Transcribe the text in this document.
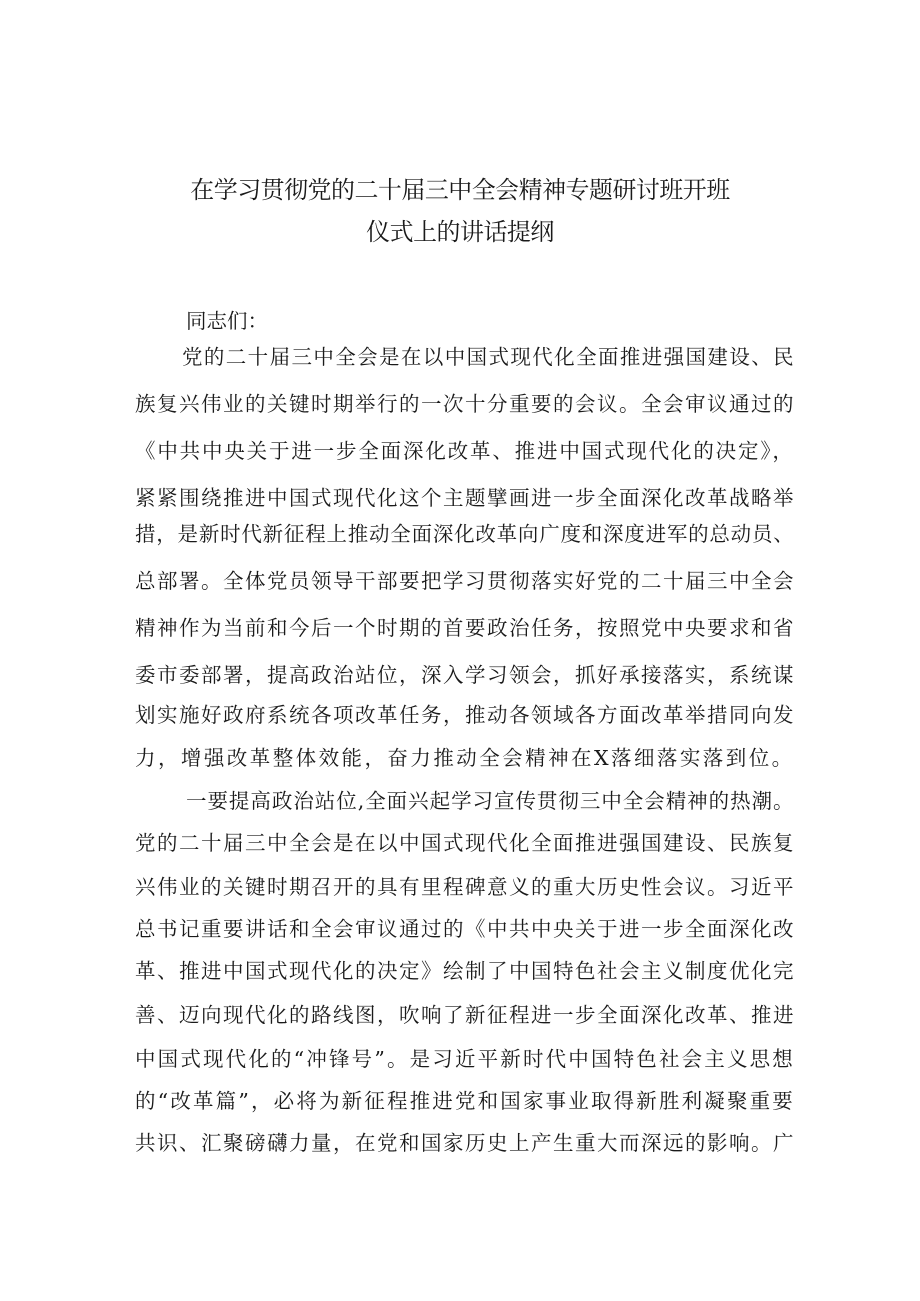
在学习贯彻党的二十届三中全会精神专题研讨班开班
仪式上的讲话提纲
同志们：
党的二十届三中全会是在以中国式现代化全面推进强国建设、民
族复兴伟业的关键时期举行的一次十分重要的会议。全会审议通过的
《中共中央关于进一步全面深化改革、推进中国式现代化的决定》，
紧紧围绕推进中国式现代化这个主题擘画进一步全面深化改革战略举
措，是新时代新征程上推动全面深化改革向广度和深度进军的总动员、
总部署。全体党员领导干部要把学习贯彻落实好党的二十届三中全会
精神作为当前和今后一个时期的首要政治任务，按照党中央要求和省
委市委部署，提高政治站位，深入学习领会，抓好承接落实，系统谋
划实施好政府系统各项改革任务，推动各领域各方面改革举措同向发
力，增强改革整体效能，奋力推动全会精神在X落细落实落到位。
一要提高政治站位,全面兴起学习宣传贯彻三中全会精神的热潮。
党的二十届三中全会是在以中国式现代化全面推进强国建设、民族复
兴伟业的关键时期召开的具有里程碑意义的重大历史性会议。习近平
总书记重要讲话和全会审议通过的《中共中央关于进一步全面深化改
革、推进中国式现代化的决定》绘制了中国特色社会主义制度优化完
善、迈向现代化的路线图，吹响了新征程进一步全面深化改革、推进
中国式现代化的“冲锋号”。是习近平新时代中国特色社会主义思想
的“改革篇”，必将为新征程推进党和国家事业取得新胜利凝聚重要
共识、汇聚磅礴力量，在党和国家历史上产生重大而深远的影响。广
